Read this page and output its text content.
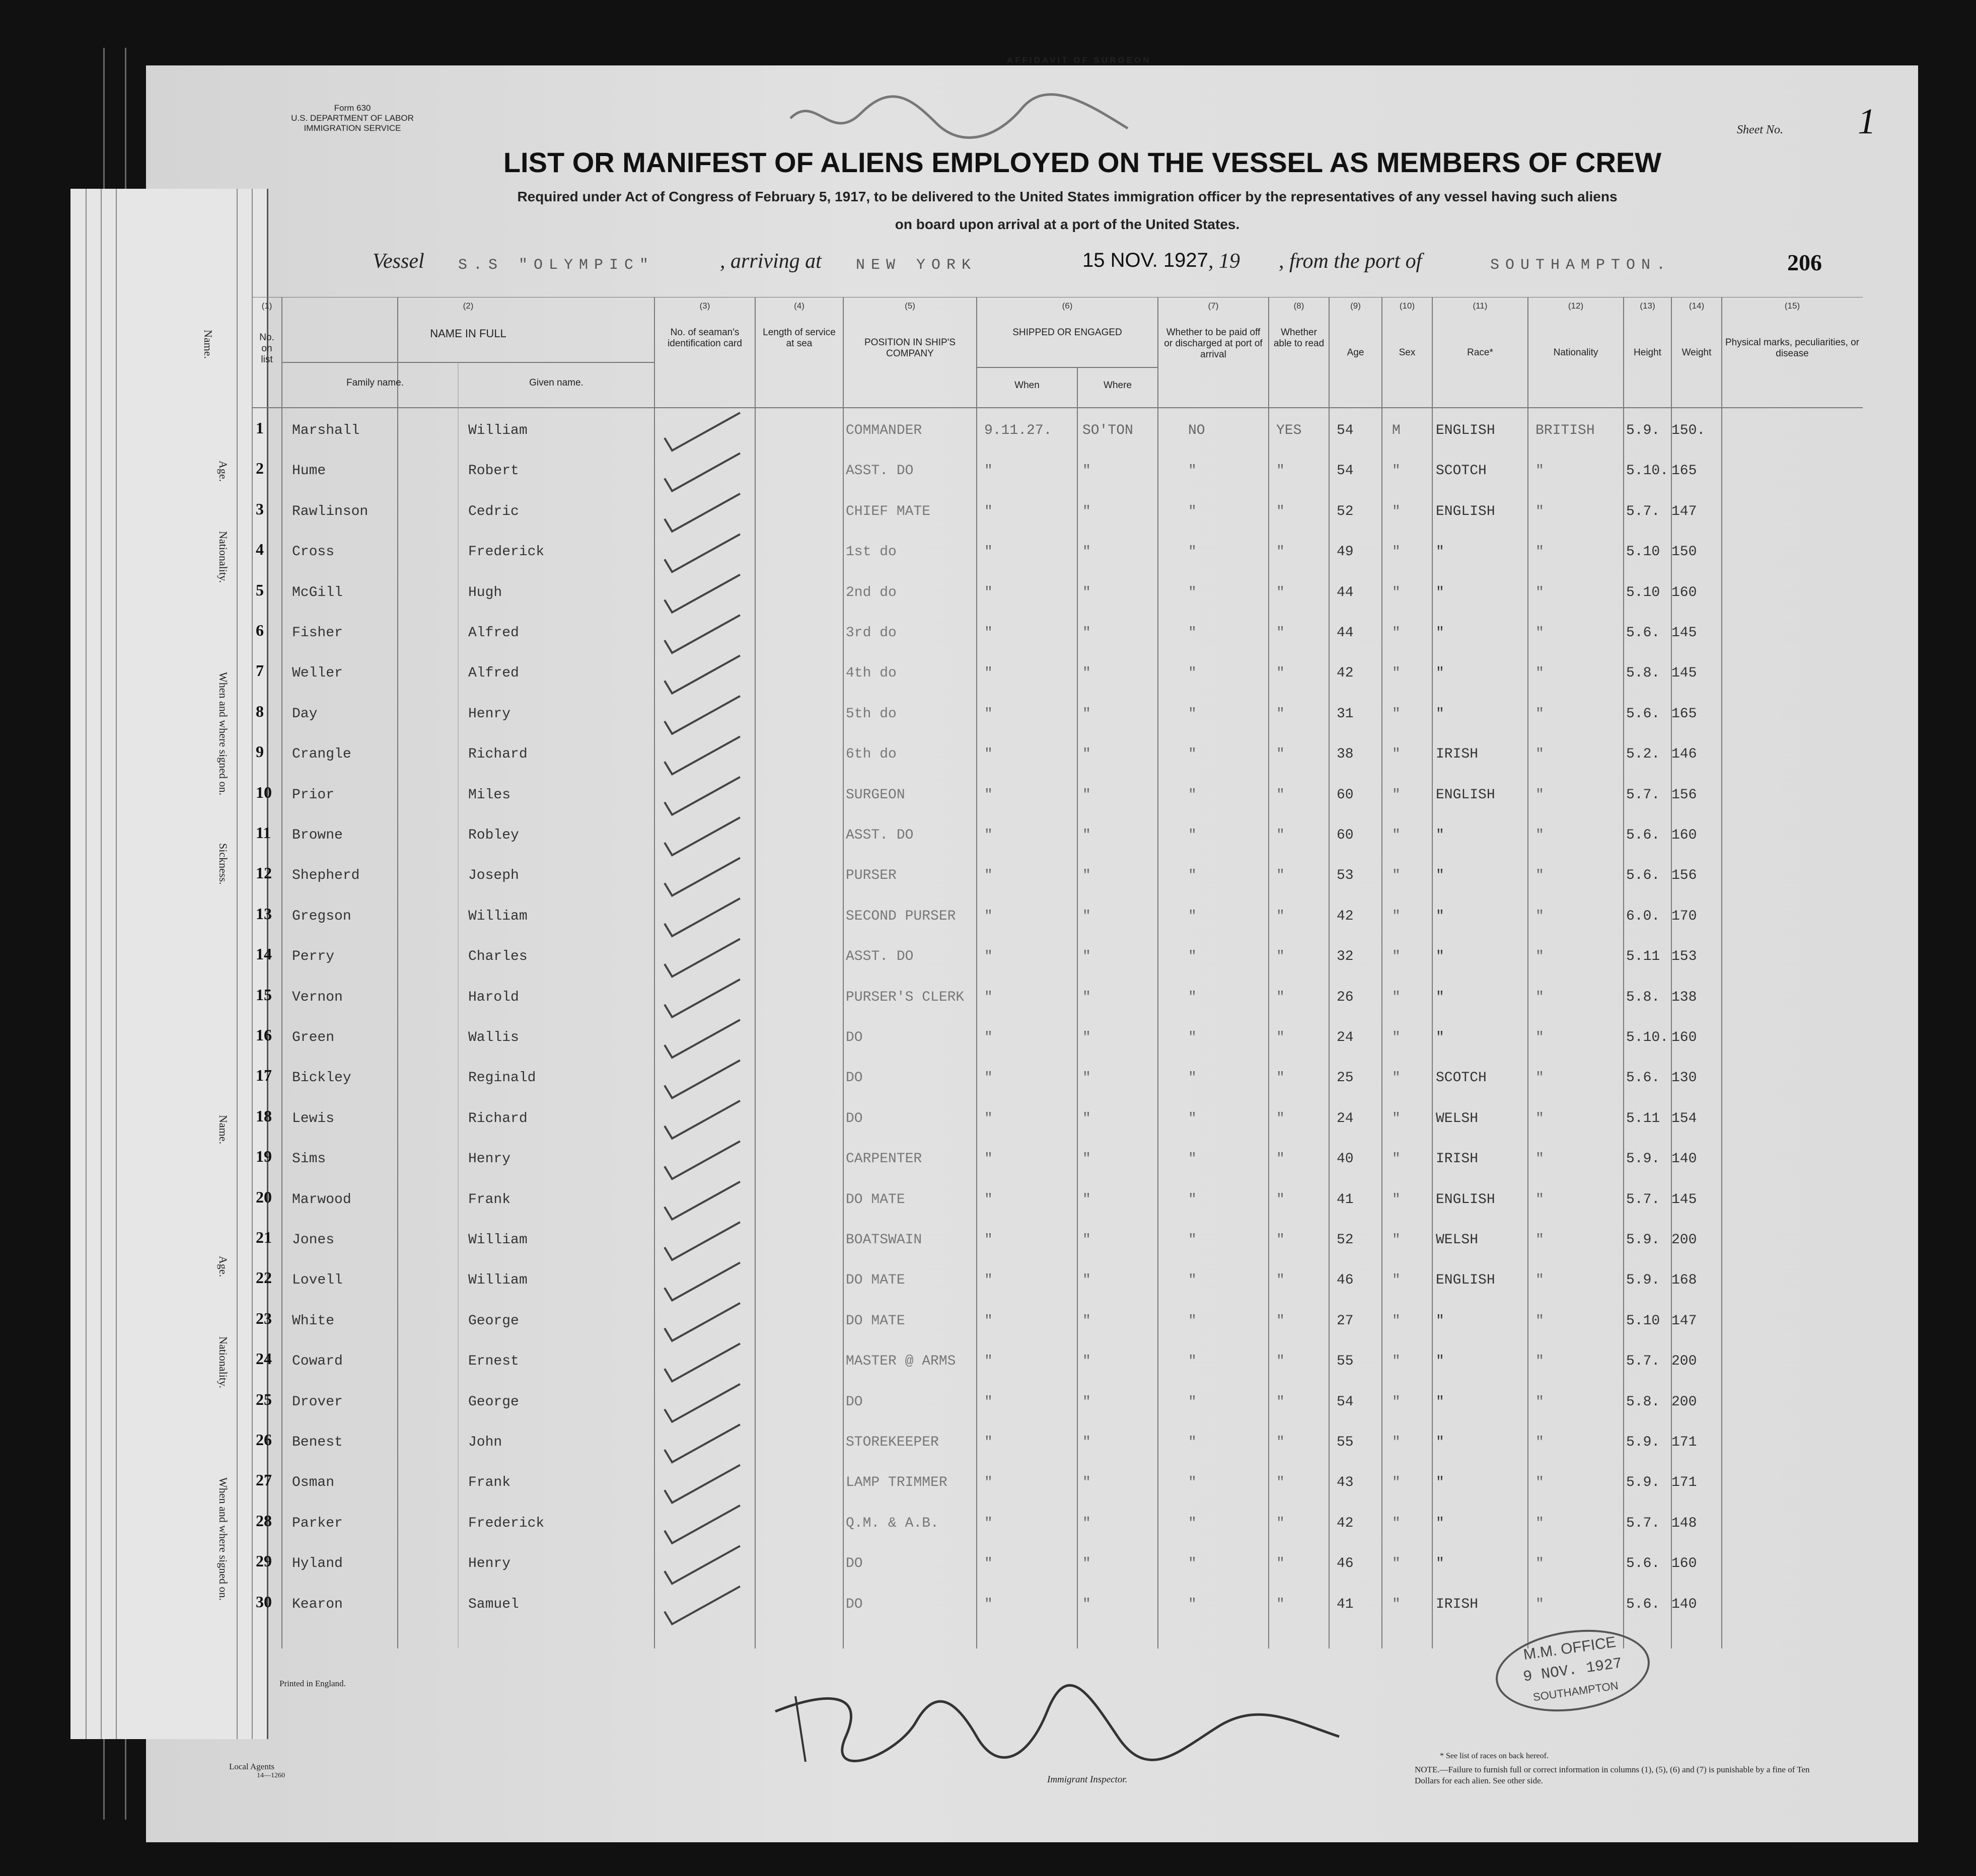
Name.
Age.
Nationality.
When and where signed on.
Sickness.
Name.
Age.
Nationality.
When and where signed on.
Form 630
U.S. DEPARTMENT OF LABOR
IMMIGRATION SERVICE
AFFIDAVIT OF SURGEON
Sheet No. 1
LIST OR MANIFEST OF ALIENS EMPLOYED ON THE VESSEL AS MEMBERS OF CREW
Required under Act of Congress of February 5, 1917, to be delivered to the United States immigration officer by the representatives of any vessel having such aliens
on board upon arrival at a port of the United States.
Vessel S.S "OLYMPIC"	, arriving at NEW YORK	15 NOV. 1927 , 19 , from the port of	SOUTHAMPTON.	206
(1)
No. on list
(2)
NAME IN FULL
(3)
No. of seaman's identification card
(4)
Length of service at sea
(5)
POSITION IN SHIP'S COMPANY
(6)
SHIPPED OR ENGAGED
(7)
Whether to be paid off or discharged at port of arrival
(8)
Whether able to read
(9)
Age
(10)
Sex
(11)
Race*
(12)
Nationality
(13)
Height
(14)
Weight
(15)
Physical marks, peculiarities, or disease
Family name.	Given name.	When	Where
1 Marshall	William	COMMANDER	9.11.27. SO'TON	NO	YES 54	M	ENGLISH	BRITISH 5.9. 150.
2 Hume	Robert	ASST. DO	"	"	"	"	54	"	SCOTCH	"	5.10. 165
3 Rawlinson	Cedric	CHIEF MATE	"	"	"	"	52	"	ENGLISH	"	5.7. 147
4 Cross	Frederick	1st do	"	"	"	"	49	"	"	"	5.10 150
5 McGill	Hugh	2nd do	"	"	"	"	44	"	"	"	5.10 160
6 Fisher	Alfred	3rd do	"	"	"	"	44	"	"	"	5.6. 145
7 Weller	Alfred	4th do	"	"	"	"	42	"	"	"	5.8. 145
8 Day	Henry	5th do	"	"	"	"	31	"	"	"	5.6. 165
9 Crangle	Richard	6th do	"	"	"	"	38	"	IRISH	"	5.2. 146
10 Prior	Miles	SURGEON	"	"	"	"	60	"	ENGLISH	"	5.7. 156
11 Browne	Robley	ASST. DO	"	"	"	"	60	"	"	"	5.6. 160
12 Shepherd	Joseph	PURSER	"	"	"	"	53	"	"	"	5.6. 156
13 Gregson	William	SECOND PURSER "	"	"	"	42	"	"	"	6.0. 170
14 Perry	Charles	ASST. DO	"	"	"	"	32	"	"	"	5.11 153
15 Vernon	Harold	PURSER'S CLERK "	"	"	"	26	"	"	"	5.8. 138
16 Green	Wallis	DO	"	"	"	"	24	"	"	"	5.10. 160
17 Bickley	Reginald	DO	"	"	"	"	25	"	SCOTCH	"	5.6. 130
18 Lewis	Richard	DO	"	"	"	"	24	"	WELSH	"	5.11 154
19 Sims	Henry	CARPENTER	"	"	"	"	40	"	IRISH	"	5.9. 140
20 Marwood	Frank	DO MATE	"	"	"	"	41	"	ENGLISH	"	5.7. 145
21 Jones	William	BOATSWAIN	"	"	"	"	52	"	WELSH	"	5.9. 200
22 Lovell	William	DO MATE	"	"	"	"	46	"	ENGLISH	"	5.9. 168
23 White	George	DO MATE	"	"	"	"	27	"	"	"	5.10 147
24 Coward	Ernest	MASTER @ ARMS "	"	"	"	55	"	"	"	5.7. 200
25 Drover	George	DO	"	"	"	"	54	"	"	"	5.8. 200
26 Benest	John	STOREKEEPER	"	"	"	"	55	"	"	"	5.9. 171
27 Osman	Frank	LAMP TRIMMER	"	"	"	"	43	"	"	"	5.9. 171
28 Parker	Frederick	Q.M. & A.B.	"	"	"	"	42	"	"	"	5.7. 148
29 Hyland	Henry	DO	"	"	"	"	46	"	"	"	5.6. 160
30 Kearon	Samuel	DO	"	"	"	"	41	"	IRISH	"	5.6. 140
M.M. OFFICE
9 NOV. 1927
SOUTHAMPTON
Printed in England.
Local Agents
14—1260	Immigrant Inspector.
* See list of races on back hereof.
NOTE.—Failure to furnish full or correct information in columns (1), (5), (6) and (7) is punishable by a fine of Ten Dollars for each alien. See other side.
